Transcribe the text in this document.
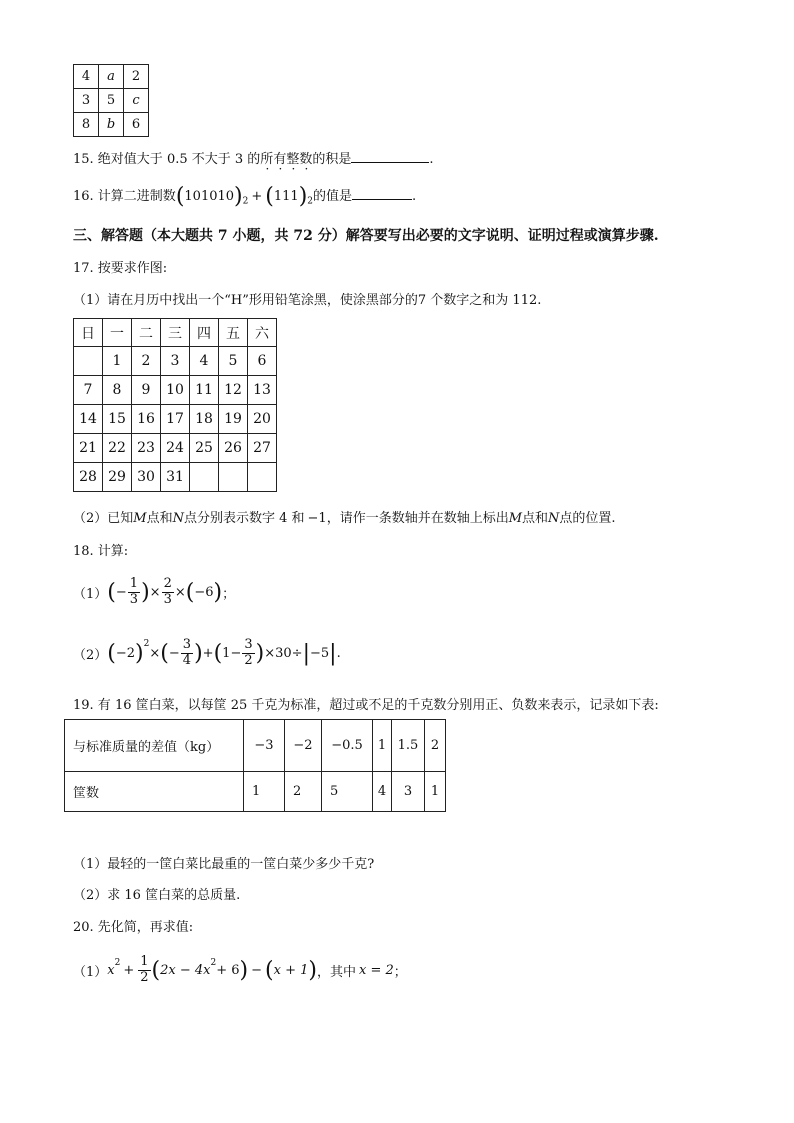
4	a	2
3	5	c
8	b	6
15. 绝对值大于 0.5 不大于 3 的所有整数的积是	.
16. 计算二进制数$(101010)_2 + (111)_2$的值是	.
三、解答题（本大题共 7 小题，共 72 分）解答要写出必要的文字说明、证明过程或演算步骤.
17. 按要求作图:
（1）请在月历中找出一个“H”形用铅笔涂黑，使涂黑部分的7 个数字之和为 112.
日	一	二	三	四	五	六
	1	2	3	4	5	6
7	8	9	10	11	12	13
14	15	16	17	18	19	20
21	22	23	24	25	26	27
28	29	30	31			
（2）已知M点和N点分别表示数字 4 和 −1，请作一条数轴并在数轴上标出M点和N点的位置.
18. 计算:
（1） ( − $\frac{1}{3}$ ) × $\frac{2}{3}$ × ( −6 ) ；
（2） ( −2 )$^2$
× ( − $\frac{3}{4}$ ) + ( $1 - \frac{3}{2}$ ) × 30 ÷ | −5 | .
19. 有 16 筐白菜，以每筐 25 千克为标准，超过或不足的千克数分别用正、负数来表示，记录如下表:
与标准质量的差值（kg）	−3	−2	−0.5	1	1.5	2
筐数	1	2	5	4	3	1
（1）最轻的一筐白菜比最重的一筐白菜少多少千克?
（2）求 16 筐白菜的总质量.
20. 先化简，再求值:
（1） $x^2 + \frac{1}{2}$ ( $2x - 4x^2 + 6$ ) − ( x + 1 ) ，其中 x = 2 ；
